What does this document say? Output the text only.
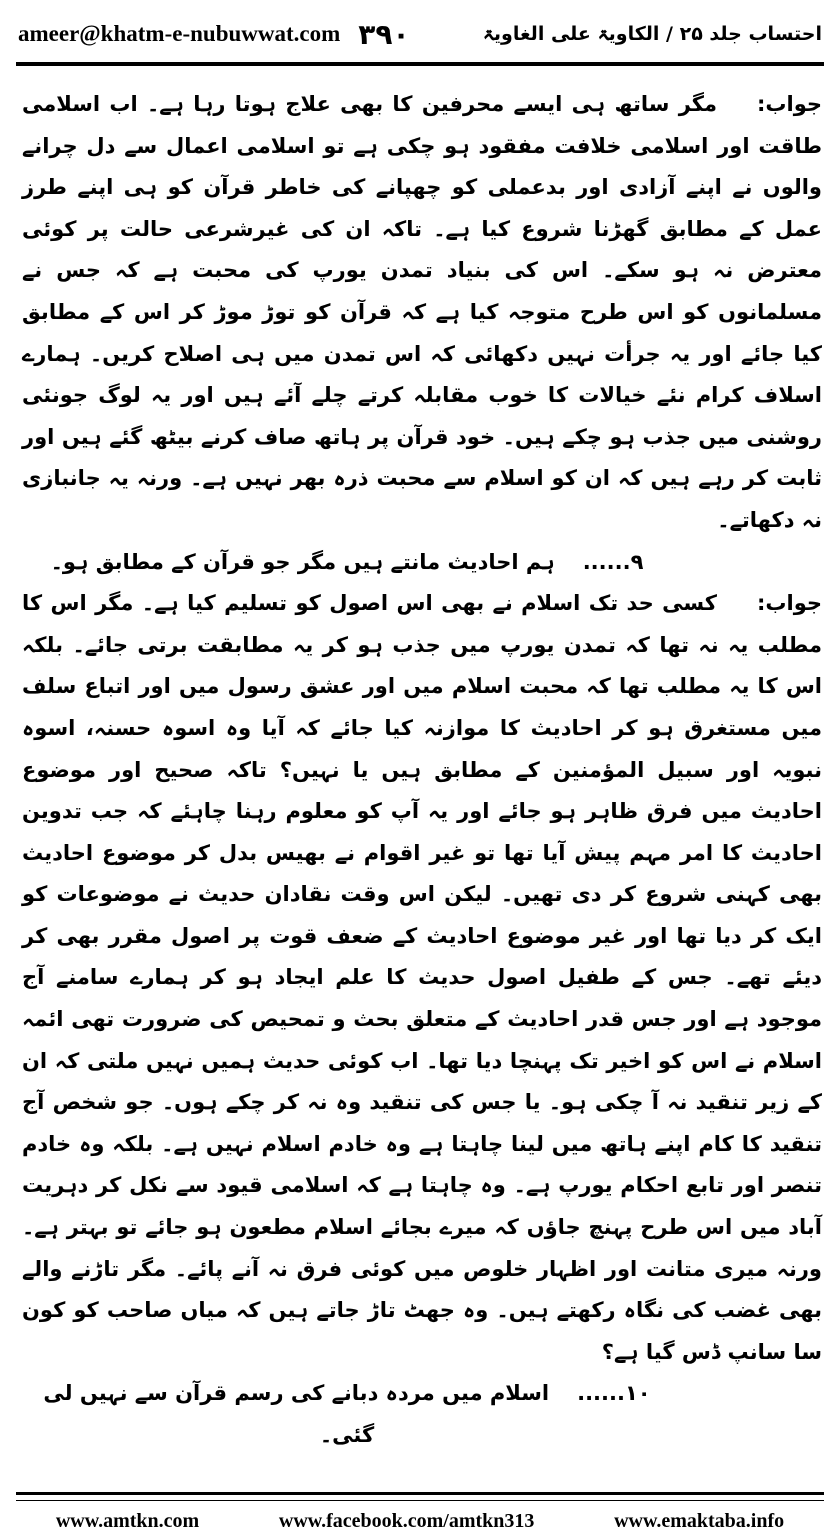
ameer@khatm-e-nubuwwat.com ۳۹۰	احتساب جلد ۲۵ / الکاویۃ علی الغاویۃ

جواب:مگر ساتھ ہی ایسے محرفین کا بھی علاج ہوتا رہا ہے۔ اب اسلامی طاقت اور اسلامی خلافت مفقود ہو چکی ہے تو اسلامی اعمال سے دل چرانے والوں نے اپنے آزادی اور بدعملی کو چھپانے کی خاطر قرآن کو ہی اپنے طرز عمل کے مطابق گھڑنا شروع کیا ہے۔ تاکہ ان کی غیرشرعی حالت پر کوئی معترض نہ ہو سکے۔ اس کی بنیاد تمدن یورپ کی محبت ہے کہ جس نے مسلمانوں کو اس طرح متوجہ کیا ہے کہ قرآن کو توڑ موڑ کر اس کے مطابق کیا جائے اور یہ جرأت نہیں دکھائی کہ اس تمدن میں ہی اصلاح کریں۔ ہمارے اسلاف کرام نئے خیالات کا خوب مقابلہ کرتے چلے آئے ہیں اور یہ لوگ جونئی روشنی میں جذب ہو چکے ہیں۔ خود قرآن پر ہاتھ صاف کرنے بیٹھ گئے ہیں اور ثابت کر رہے ہیں کہ ان کو اسلام سے محبت ذرہ بھر نہیں ہے۔ ورنہ یہ جانبازی نہ دکھاتے۔

۹......ہم احادیث مانتے ہیں مگر جو قرآن کے مطابق ہو۔

جواب:کسی حد تک اسلام نے بھی اس اصول کو تسلیم کیا ہے۔ مگر اس کا مطلب یہ نہ تھا کہ تمدن یورپ میں جذب ہو کر یہ مطابقت برتی جائے۔ بلکہ اس کا یہ مطلب تھا کہ محبت اسلام میں اور عشق رسول میں اور اتباع سلف میں مستغرق ہو کر احادیث کا موازنہ کیا جائے کہ آیا وہ اسوہ حسنہ، اسوہ نبویہ اور سبیل المؤمنین کے مطابق ہیں یا نہیں؟ تاکہ صحیح اور موضوع احادیث میں فرق ظاہر ہو جائے اور یہ آپ کو معلوم رہنا چاہئے کہ جب تدوین احادیث کا امر مہم پیش آیا تھا تو غیر اقوام نے بھیس بدل کر موضوع احادیث بھی کہنی شروع کر دی تھیں۔ لیکن اس وقت نقادان حدیث نے موضوعات کو ایک کر دیا تھا اور غیر موضوع احادیث کے ضعف قوت پر اصول مقرر بھی کر دیئے تھے۔ جس کے طفیل اصول حدیث کا علم ایجاد ہو کر ہمارے سامنے آج موجود ہے اور جس قدر احادیث کے متعلق بحث و تمحیص کی ضرورت تھی ائمہ اسلام نے اس کو اخیر تک پہنچا دیا تھا۔ اب کوئی حدیث ہمیں نہیں ملتی کہ ان کے زیر تنقید نہ آ چکی ہو۔ یا جس کی تنقید وہ نہ کر چکے ہوں۔ جو شخص آج تنقید کا کام اپنے ہاتھ میں لینا چاہتا ہے وہ خادم اسلام نہیں ہے۔ بلکہ وہ خادم تنصر اور تابع احکام یورپ ہے۔ وہ چاہتا ہے کہ اسلامی قیود سے نکل کر دہریت آباد میں اس طرح پہنچ جاؤں کہ میرے بجائے اسلام مطعون ہو جائے تو بہتر ہے۔ ورنہ میری متانت اور اظہار خلوص میں کوئی فرق نہ آنے پائے۔ مگر تاڑنے والے بھی غضب کی نگاہ رکھتے ہیں۔ وہ جھٹ تاڑ جاتے ہیں کہ میاں صاحب کو کون سا سانپ ڈس گیا ہے؟

۱۰......اسلام میں مردہ دبانے کی رسم قرآن سے نہیں لی گئی۔

www.amtkn.com	www.facebook.com/amtkn313	www.emaktaba.info
